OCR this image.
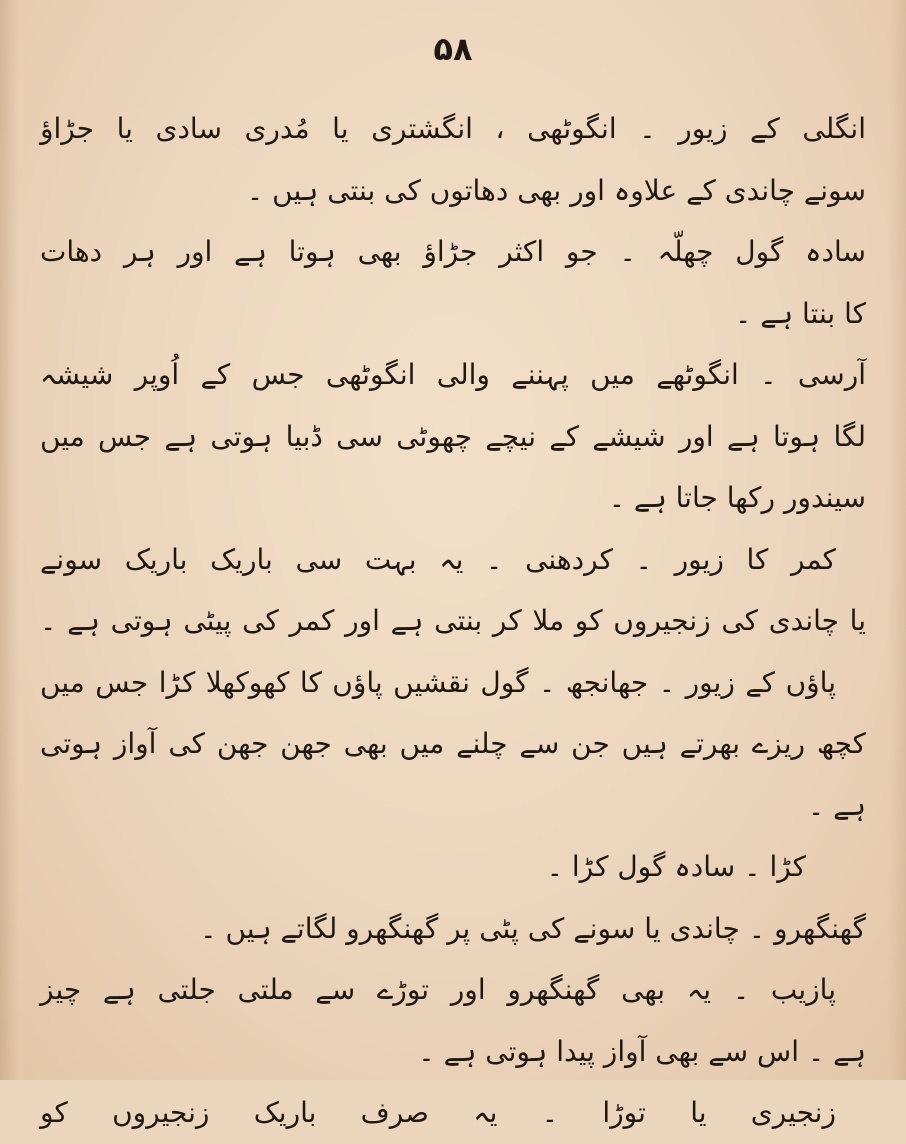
۵۸
انگلی کے زیور ۔ انگوٹھی ، انگشتری یا مُدری سادی یا جڑاؤ
سونے چاندی کے علاوہ اور بھی دھاتوں کی بنتی ہیں ۔
سادہ گول چھلّہ ۔ جو اکثر جڑاؤ بھی ہوتا ہے اور ہر دھات
کا بنتا ہے ۔
آرسی ۔ انگوٹھے میں پہننے والی انگوٹھی جس کے اُوپر شیشہ
لگا ہوتا ہے اور شیشے کے نیچے چھوٹی سی ڈبیا ہوتی ہے جس میں
سیندور رکھا جاتا ہے ۔
کمر کا زیور ۔ کردھنی ۔ یہ بہت سی باریک باریک سونے
یا چاندی کی زنجیروں کو ملا کر بنتی ہے اور کمر کی پیٹی ہوتی ہے ۔
پاؤں کے زیور ۔ جھانجھ ۔ گول نقشیں پاؤں کا کھوکھلا کڑا جس میں
کچھ ریزے بھرتے ہیں جن سے چلنے میں بھی جھن جھن کی آواز ہوتی
ہے ۔
کڑا ۔ سادہ گول کڑا ۔
گھنگھرو ۔ چاندی یا سونے کی پٹی پر گھنگھرو لگاتے ہیں ۔
پازیب ۔ یہ بھی گھنگھرو اور توڑے سے ملتی جلتی ہے چیز
ہے ۔ اس سے بھی آواز پیدا ہوتی ہے ۔
زنجیری یا توڑا ۔ یہ صرف باریک زنجیروں کو
